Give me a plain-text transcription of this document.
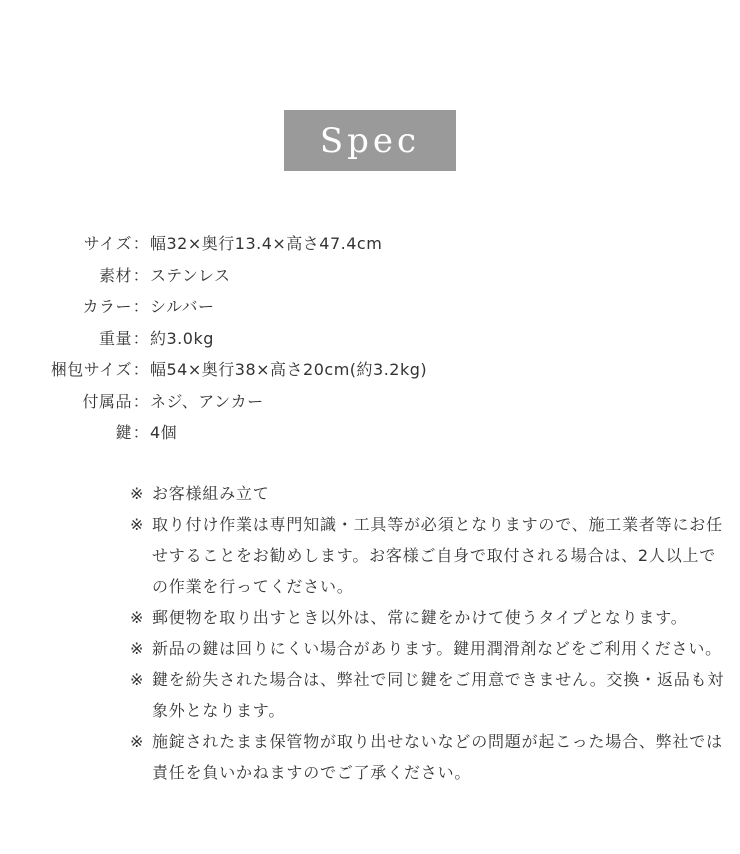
Spec
サイズ ： 幅32×奥行13.4×高さ47.4cm
素材 ： ステンレス
カラー ： シルバー
重量 ： 約3.0kg
梱包サイズ ： 幅54×奥行38×高さ20cm(約3.2kg)
付属品 ： ネジ、アンカー
鍵 ： 4個
※ お客様組み立て
※ 取り付け作業は専門知識・工具等が必須となりますので、施工業者等にお任せすることをお勧めします。お客様ご自身で取付される場合は、2人以上での作業を行ってください。
※ 郵便物を取り出すとき以外は、常に鍵をかけて使うタイプとなります。
※ 新品の鍵は回りにくい場合があります。鍵用潤滑剤などをご利用ください。
※ 鍵を紛失された場合は、弊社で同じ鍵をご用意できません。交換・返品も対象外となります。
※ 施錠されたまま保管物が取り出せないなどの問題が起こった場合、弊社では責任を負いかねますのでご了承ください。
